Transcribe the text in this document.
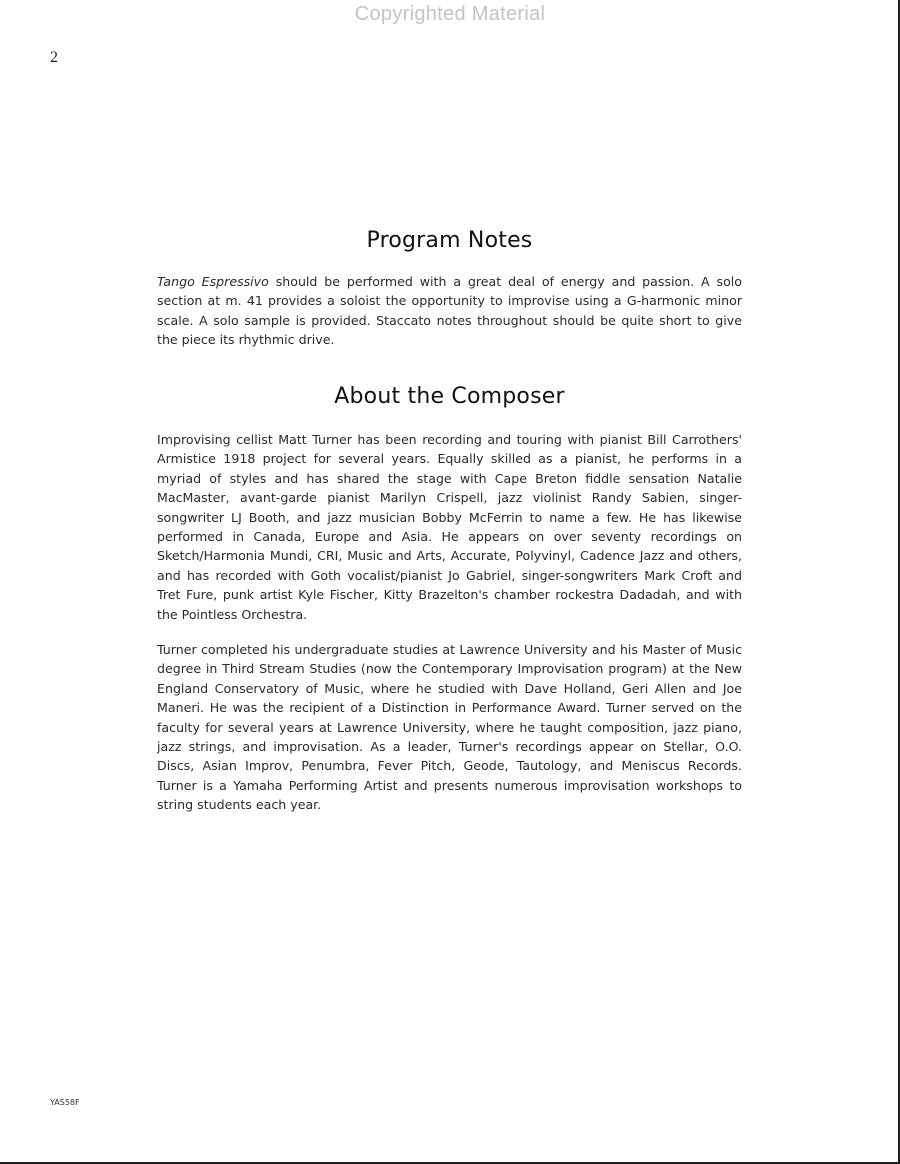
Copyrighted Material
2
Program Notes

Tango Espressivo should be performed with a great deal of energy and passion. A solo section at m. 41 provides a soloist the opportunity to improvise using a G-harmonic minor scale. A solo sample is provided. Staccato notes throughout should be quite short to give the piece its rhythmic drive.

About the Composer

Improvising cellist Matt Turner has been recording and touring with pianist Bill Carrothers' Armistice 1918 project for several years. Equally skilled as a pianist, he performs in a myriad of styles and has shared the stage with Cape Breton fiddle sensation Natalie MacMaster, avant-garde pianist Marilyn Crispell, jazz violinist Randy Sabien, singer-songwriter LJ Booth, and jazz musician Bobby McFerrin to name a few. He has likewise performed in Canada, Europe and Asia. He appears on over seventy recordings on Sketch/Harmonia Mundi, CRI, Music and Arts, Accurate, Polyvinyl, Cadence Jazz and others, and has recorded with Goth vocalist/pianist Jo Gabriel, singer-songwriters Mark Croft and Tret Fure, punk artist Kyle Fischer, Kitty Brazelton's chamber rockestra Dadadah, and with the Pointless Orchestra.

Turner completed his undergraduate studies at Lawrence University and his Master of Music degree in Third Stream Studies (now the Contemporary Improvisation program) at the New England Conservatory of Music, where he studied with Dave Holland, Geri Allen and Joe Maneri. He was the recipient of a Distinction in Performance Award. Turner served on the faculty for several years at Lawrence University, where he taught composition, jazz piano, jazz strings, and improvisation. As a leader, Turner's recordings appear on Stellar, O.O. Discs, Asian Improv, Penumbra, Fever Pitch, Geode, Tautology, and Meniscus Records. Turner is a Yamaha Performing Artist and presents numerous improvisation workshops to string students each year.

YAS58F
